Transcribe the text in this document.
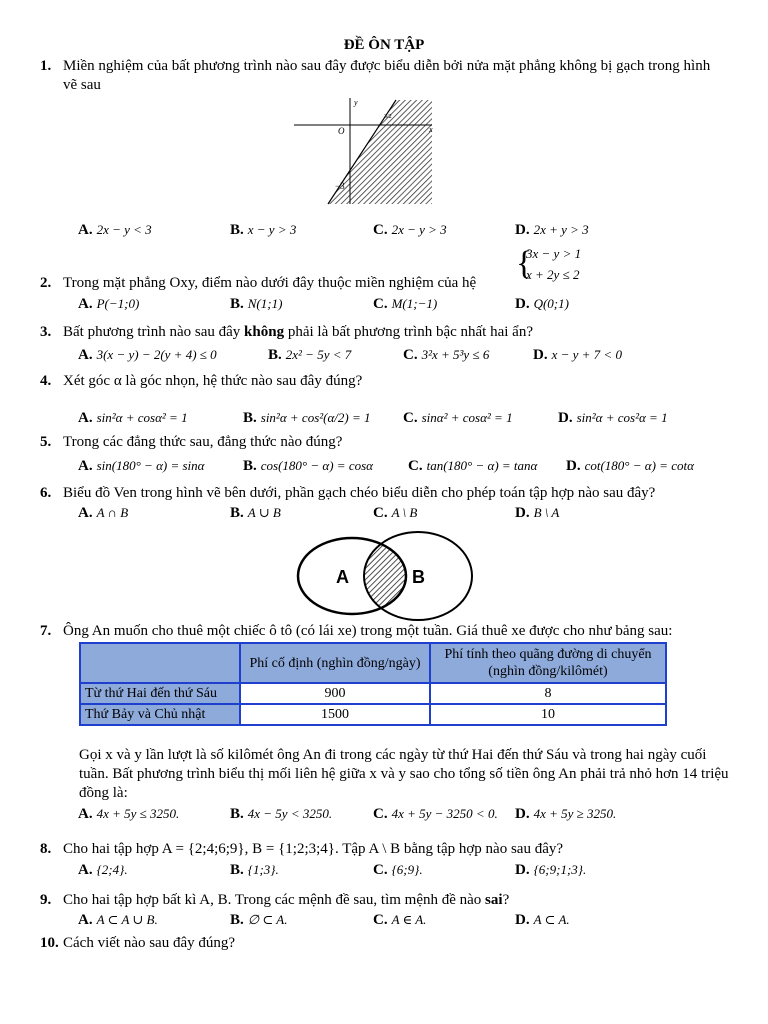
ĐỀ ÔN TẬP
1. Miền nghiệm của bất phương trình nào sau đây được biểu diễn bởi nửa mặt phẳng không bị gạch trong hình vẽ sau
y
x
O
−3
3/2
A. 2x − y < 3	B. x − y > 3	C. 2x − y > 3	D. 2x + y > 3
2. Trong mặt phẳng Oxy, điểm nào dưới đây thuộc miền nghiệm của hệ
{
3x − y > 1
x + 2y ≤ 2
A. P(−1;0)	B. N(1;1)	C. M(1;−1)	D. Q(0;1)
3. Bất phương trình nào sau đây không phải là bất phương trình bậc nhất hai ẩn?
A. 3(x − y) − 2(y + 4) ≤ 0	B. 2x² − 5y < 7	C. 3²x + 5³y ≤ 6	D. x − y + 7 < 0
4. Xét góc α là góc nhọn, hệ thức nào sau đây đúng?
A. sin²α + cosα² = 1	B. sin²α + cos²(α/2) = 1 C. sinα² + cosα² = 1	D. sin²α + cos²α = 1
5. Trong các đẳng thức sau, đẳng thức nào đúng?
A. sin(180° − α) = sinα	B. cos(180° − α) = cosα C. tan(180° − α) = tanα D. cot(180° − α) = cotα
6. Biểu đồ Ven trong hình vẽ bên dưới, phần gạch chéo biểu diễn cho phép toán tập hợp nào sau đây?
A. A ∩ B	B. A ∪ B	C. A \ B	D. B \ A
A	B
7. Ông An muốn cho thuê một chiếc ô tô (có lái xe) trong một tuần. Giá thuê xe được cho như bảng sau:
	Phí cố định (nghìn đồng/ngày)	Phí tính theo quãng đường di chuyển (nghìn đồng/kilômét)
Từ thứ Hai đến thứ Sáu	900	8
Thứ Bảy và Chủ nhật	1500	10
Gọi x và y lần lượt là số kilômét ông An đi trong các ngày từ thứ Hai đến thứ Sáu và trong hai ngày cuối tuần. Bất phương trình biểu thị mối liên hệ giữa x và y sao cho tổng số tiền ông An phải trả nhỏ hơn 14 triệu đồng là:
A. 4x + 5y ≤ 3250.	B. 4x − 5y < 3250.	C. 4x + 5y − 3250 < 0. D. 4x + 5y ≥ 3250.
8. Cho hai tập hợp A = {2;4;6;9}, B = {1;2;3;4}. Tập A \ B bằng tập hợp nào sau đây?
A. {2;4}.	B. {1;3}.	C. {6;9}.	D. {6;9;1;3}.
9. Cho hai tập hợp bất kì A, B. Trong các mệnh đề sau, tìm mệnh đề nào sai?
A. A ⊂ A ∪ B.	B. ∅ ⊂ A.	C. A ∈ A.	D. A ⊂ A.
10. Cách viết nào sau đây đúng?
